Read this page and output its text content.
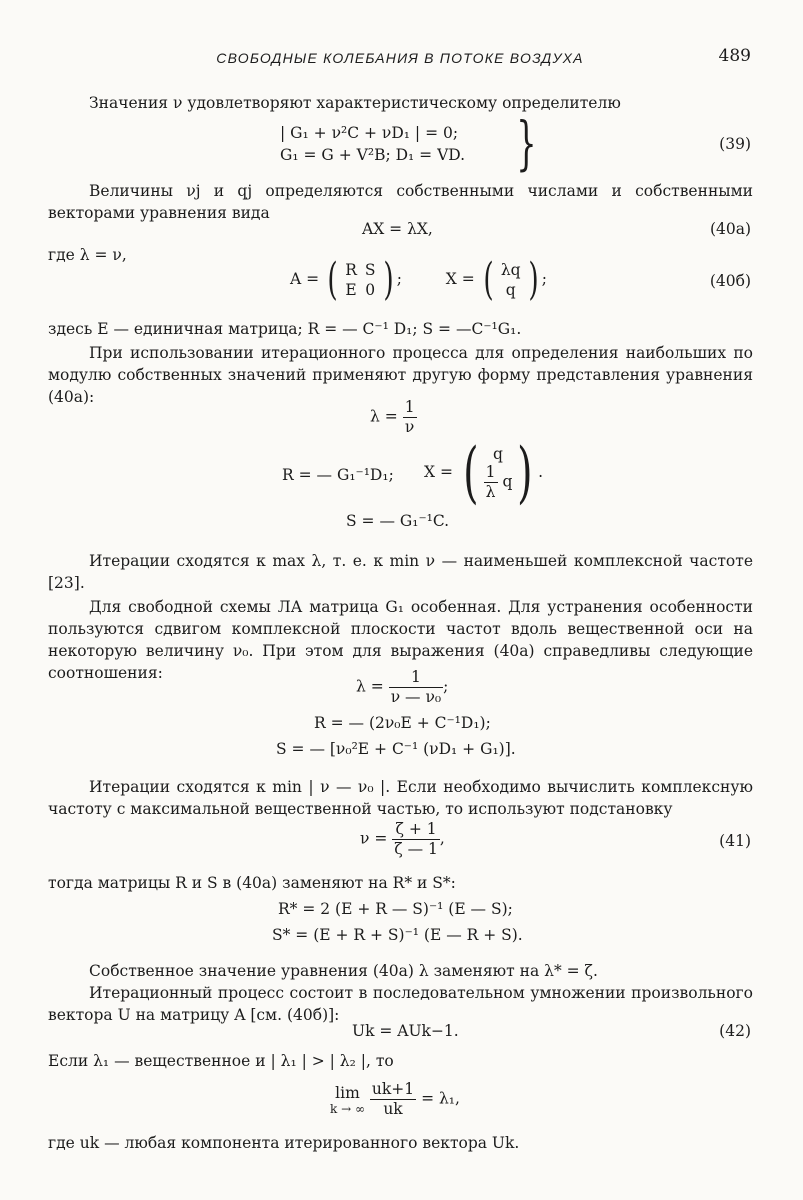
СВОБОДНЫЕ КОЛЕБАНИЯ В ПОТОКЕ ВОЗДУХА	489
Значения ν удовлетворяют характеристическому определителю
| G₁ + ν²C + νD₁ | = 0;
G₁ = G + V²B; D₁ = VD. }	(39)
Величины νj и qj определяются собственными числами и собственными векторами уравнения вида
AX = λX,	(40а)
где λ = ν,
A = ( R	S
E	0 ) ;	X = ( λq
q ) ;	(40б)
здесь E — единичная матрица; R = — C⁻¹ D₁; S = —C⁻¹G₁.
При использовании итерационного процесса для определения наибольших по модулю собственных значений применяют другую форму представления уравнения (40а):
$\lambda = \frac{1}{\nu}$
R = — G₁⁻¹D₁; X = ( q
$\frac{1}{\lambda}$ q ) .
S = — G₁⁻¹C.
Итерации сходятся к max λ, т. е. к min ν — наименьшей комплексной частоте [23].
Для свободной схемы ЛА матрица G₁ особенная. Для устранения особенности пользуются сдвигом комплексной плоскости частот вдоль вещественной оси на некоторую величину ν₀. При этом для выражения (40а) справедливы следующие соотношения:
$\lambda = \frac{1}{\text{ν — ν₀}}$ ;
R = — (2ν₀E + C⁻¹D₁);
S = — [ν₀²E + C⁻¹ (νD₁ + G₁)].
Итерации сходятся к min | ν — ν₀ |. Если необходимо вычислить комплексную частоту с максимальной вещественной частью, то используют подстановку
$\nu = \frac{\zeta + 1}{\zeta — 1}$ ,	(41)
тогда матрицы R и S в (40а) заменяют на R* и S*:
R* = 2 (E + R — S)⁻¹ (E — S);
S* = (E + R + S)⁻¹ (E — R + S).
Собственное значение уравнения (40а) λ заменяют на λ* = ζ.
Итерационный процесс состоит в последовательном умножении произвольного вектора U на матрицу A [см. (40б)]:
Uk = AUk−1.	(42)
Если λ₁ — вещественное и | λ₁ | > | λ₂ |, то
lim
k → ∞
$\frac{uk+1}{uk} = \lambda_1$,
где uk — любая компонента итерированного вектора Uk.
